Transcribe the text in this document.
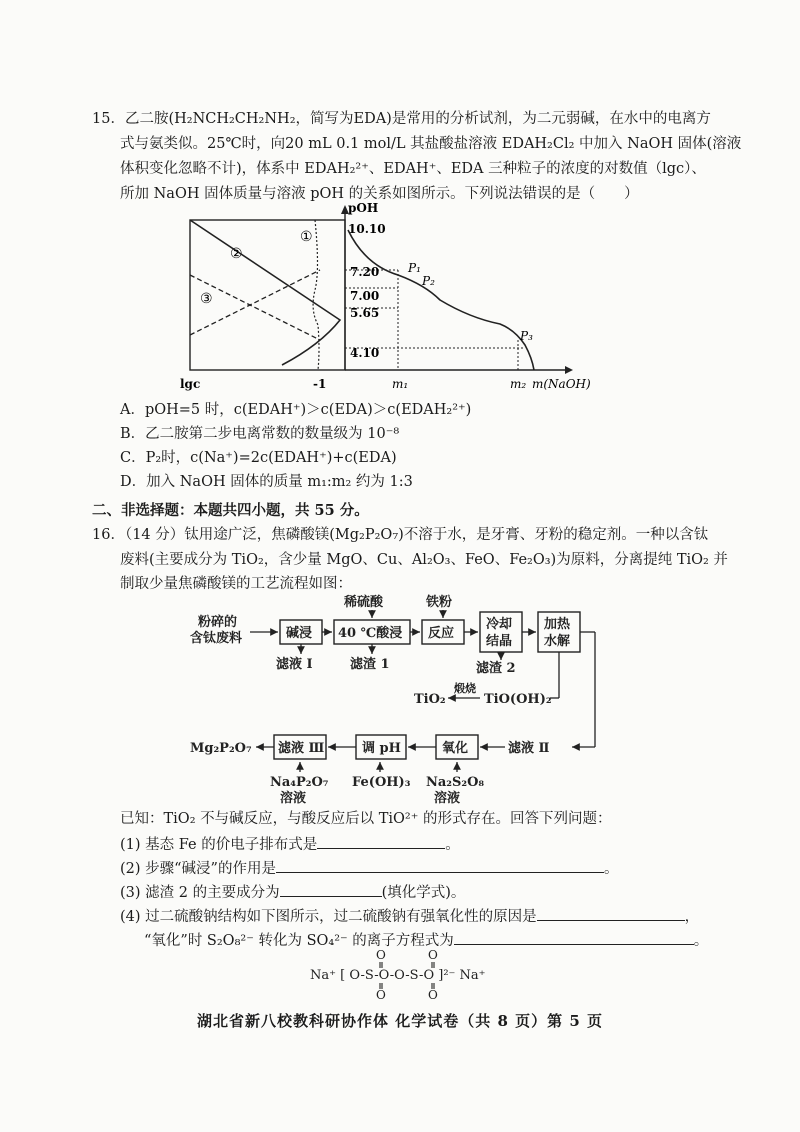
15．乙二胺(H₂NCH₂CH₂NH₂，简写为EDA)是常用的分析试剂，为二元弱碱，在水中的电离方
式与氨类似。25℃时，向20 mL 0.1 mol/L 其盐酸盐溶液 EDAH₂Cl₂ 中加入 NaOH 固体(溶液
体积变化忽略不计)，体系中 EDAH₂²⁺、EDAH⁺、EDA 三种粒子的浓度的对数值（lgc）、
所加 NaOH 固体质量与溶液 pOH 的关系如图所示。下列说法错误的是（　　）
pOH
①
②
③
10.10
7.20
7.00
5.65
4.10
P₁
P₂
P₃
lgc	-1	m₁	m₂ m(NaOH)
A．pOH=5 时，c(EDAH⁺)＞c(EDA)＞c(EDAH₂²⁺)
B．乙二胺第二步电离常数的数量级为 10⁻⁸
C．P₂时，c(Na⁺)=2c(EDAH⁺)+c(EDA)
D．加入 NaOH 固体的质量 m₁:m₂ 约为 1:3
二、非选择题：本题共四小题，共 55 分。
16．（14 分）钛用途广泛，焦磷酸镁(Mg₂P₂O₇)不溶于水，是牙膏、牙粉的稳定剂。一种以含钛
废料(主要成分为 TiO₂，含少量 MgO、Cu、Al₂O₃、FeO、Fe₂O₃)为原料，分离提纯 TiO₂ 并
制取少量焦磷酸镁的工艺流程如图：
粉碎的
含钛废料	碱浸 40 ℃酸浸
稀硫酸
反应
铁粉
冷却
结晶
加热
水解
滤液 I	滤渣 1	滤渣 2
TiO(OH)₂
煅烧
TiO₂
滤液 Ⅱ
氧化
调 pH
滤液 Ⅲ
Mg₂P₂O₇
Na₄P₂O₇
溶液
Fe(OH)₃ Na₂S₂O₈
溶液
已知：TiO₂ 不与碱反应，与酸反应后以 TiO²⁺ 的形式存在。回答下列问题：
(1) 基态 Fe 的价电子排布式是	。
(2) 步骤“碱浸”的作用是	。
(3) 滤渣 2 的主要成分为	(填化学式)。
(4) 过二硫酸钠结构如下图所示，过二硫酸钠有强氧化性的原因是	，
“氧化”时 S₂O₈²⁻ 转化为 SO₄²⁻ 的离子方程式为	。
Na⁺ [ O-S-O-O-S-O ]²⁻ Na⁺
O
O
O
O
湖北省新八校教科研协作体 化学试卷（共 8 页）第 5 页
